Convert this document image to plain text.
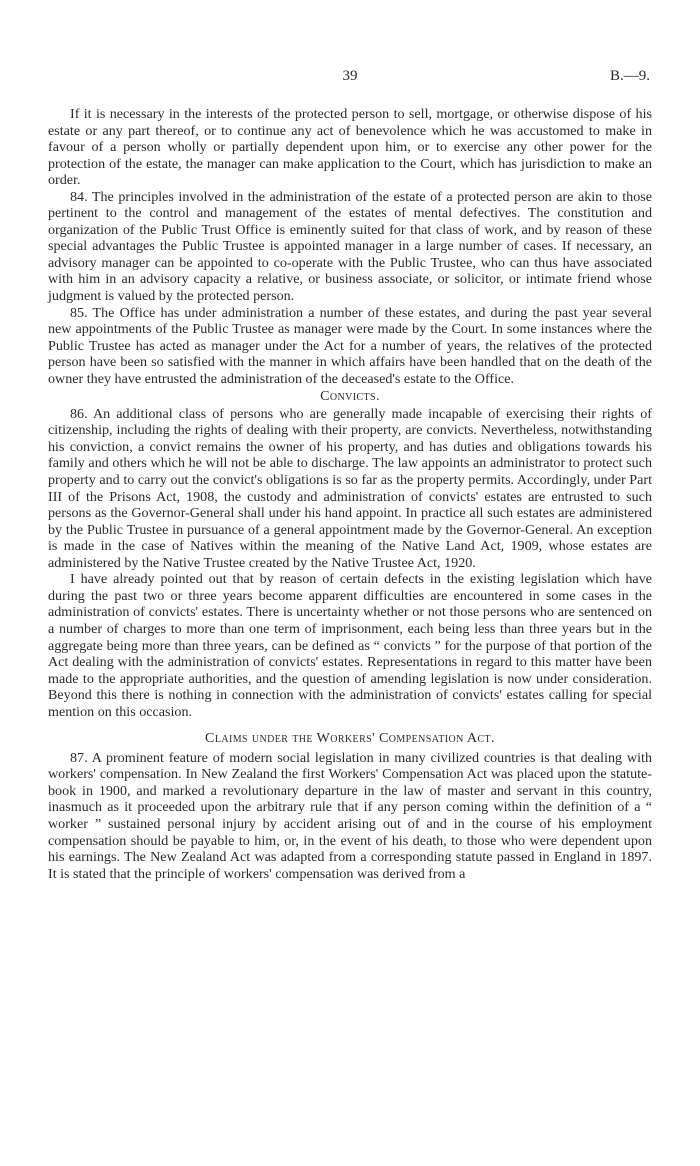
39	B.—9.

If it is necessary in the interests of the protected person to sell, mortgage, or otherwise dispose of his estate or any part thereof, or to continue any act of benevolence which he was accustomed to make in favour of a person wholly or partially dependent upon him, or to exercise any other power for the protection of the estate, the manager can make application to the Court, which has jurisdiction to make an order.

84. The principles involved in the administration of the estate of a protected person are akin to those pertinent to the control and management of the estates of mental defectives. The constitution and organization of the Public Trust Office is eminently suited for that class of work, and by reason of these special advantages the Public Trustee is appointed manager in a large number of cases. If necessary, an advisory manager can be appointed to co-operate with the Public Trustee, who can thus have associated with him in an advisory capacity a relative, or business associate, or solicitor, or intimate friend whose judgment is valued by the protected person.

85. The Office has under administration a number of these estates, and during the past year several new appointments of the Public Trustee as manager were made by the Court. In some instances where the Public Trustee has acted as manager under the Act for a number of years, the relatives of the protected person have been so satisfied with the manner in which affairs have been handled that on the death of the owner they have entrusted the administration of the deceased's estate to the Office.

Convicts.

86. An additional class of persons who are generally made incapable of exercising their rights of citizenship, including the rights of dealing with their property, are convicts. Nevertheless, notwithstanding his conviction, a convict remains the owner of his property, and has duties and obligations towards his family and others which he will not be able to discharge. The law appoints an administrator to protect such property and to carry out the convict's obligations is so far as the property permits. Accordingly, under Part III of the Prisons Act, 1908, the custody and administration of convicts' estates are entrusted to such persons as the Governor-General shall under his hand appoint. In practice all such estates are administered by the Public Trustee in pursuance of a general appointment made by the Governor-General. An exception is made in the case of Natives within the meaning of the Native Land Act, 1909, whose estates are administered by the Native Trustee created by the Native Trustee Act, 1920.

I have already pointed out that by reason of certain defects in the existing legislation which have during the past two or three years become apparent difficulties are encountered in some cases in the administration of convicts' estates. There is uncertainty whether or not those persons who are sentenced on a number of charges to more than one term of imprisonment, each being less than three years but in the aggregate being more than three years, can be defined as “ convicts ” for the purpose of that portion of the Act dealing with the administration of convicts' estates. Representations in regard to this matter have been made to the appropriate authorities, and the question of amending legislation is now under consideration. Beyond this there is nothing in connection with the administration of convicts' estates calling for special mention on this occasion.

Claims under the Workers' Compensation Act.

87. A prominent feature of modern social legislation in many civilized countries is that dealing with workers' compensation. In New Zealand the first Workers' Compensation Act was placed upon the statute-book in 1900, and marked a revolutionary departure in the law of master and servant in this country, inasmuch as it proceeded upon the arbitrary rule that if any person coming within the definition of a “ worker ” sustained personal injury by accident arising out of and in the course of his employment compensation should be payable to him, or, in the event of his death, to those who were dependent upon his earnings. The New Zealand Act was adapted from a corresponding statute passed in England in 1897. It is stated that the principle of workers' compensation was derived from a
